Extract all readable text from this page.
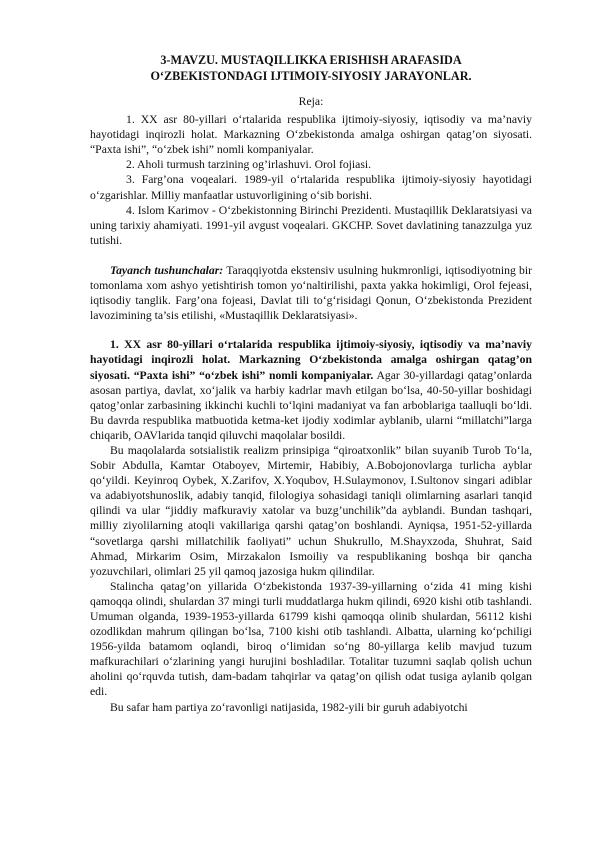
3-MAVZU. MUSTAQILLIKKA ERISHISH ARAFASIDA

O‘ZBEKISTONDAGI IJTIMOIY-SIYOSIY JARAYONLAR.

Reja:

1. XX asr 80-yillari o‘rtalarida respublika ijtimoiy-siyosiy, iqtisodiy va ma’naviy hayotidagi inqirozli holat. Markazning O‘zbekistonda amalga oshirgan qatag’on siyosati. “Paxta ishi”, “o‘zbek ishi” nomli kompaniyalar.

2. Aholi turmush tarzining og’irlashuvi. Orol fojiasi.

3. Farg’ona voqealari. 1989-yil o‘rtalarida respublika ijtimoiy-siyosiy hayotidagi o‘zgarishlar. Milliy manfaatlar ustuvorligining o‘sib borishi.

4. Islom Karimov - O‘zbekistonning Birinchi Prezidenti. Mustaqillik Deklaratsiyasi va uning tarixiy ahamiyati. 1991-yil avgust voqealari. GKCHP. Sovet davlatining tanazzulga yuz tutishi.

Tayanch tushunchalar: Taraqqiyotda ekstensiv usulning hukmronligi, iqtisodiyotning bir tomonlama xom ashyo yetishtirish tomon yo‘naltirilishi, paxta yakka hokimligi, Orol fejeasi, iqtisodiy tanglik. Farg’ona fojeasi, Davlat tili to‘g‘risidagi Qonun, O‘zbekistonda Prezident lavozimining ta’sis etilishi, «Mustaqillik Deklaratsiyasi».

1. XX asr 80-yillari o‘rtalarida respublika ijtimoiy-siyosiy, iqtisodiy va ma’naviy hayotidagi inqirozli holat. Markazning O‘zbekistonda amalga oshirgan qatag’on siyosati. “Paxta ishi” “o‘zbek ishi” nomli kompaniyalar. Agar 30-yillardagi qatag’onlarda asosan partiya, davlat, xo‘jalik va harbiy kadrlar mavh etilgan bo‘lsa, 40-50-yillar boshidagi qatog’onlar zarbasining ikkinchi kuchli to‘lqini madaniyat va fan arboblariga taalluqli bo‘ldi. Bu davrda respublika matbuotida ketma-ket ijodiy xodimlar ayblanib, ularni “millatchi”larga chiqarib, OAVlarida tanqid qiluvchi maqolalar bosildi.

Bu maqolalarda sotsialistik realizm prinsipiga “qiroatxonlik” bilan suyanib Turob To‘la, Sobir Abdulla, Kamtar Otaboyev, Mirtemir, Habibiy, A.Bobojonovlarga turlicha ayblar qo‘yildi. Keyinroq Oybek, X.Zarifov, X.Yoqubov, H.Sulaymonov, I.Sultonov singari adiblar va adabiyotshunoslik, adabiy tanqid, filologiya sohasidagi taniqli olimlarning asarlari tanqid qilindi va ular “jiddiy mafkuraviy xatolar va buzg’unchilik”da ayblandi. Bundan tashqari, milliy ziyolilarning atoqli vakillariga qarshi qatag’on boshlandi. Ayniqsa, 1951-52-yillarda “sovetlarga qarshi millatchilik faoliyati” uchun Shukrullo, M.Shayxzoda, Shuhrat, Said Ahmad, Mirkarim Osim, Mirzakalon Ismoiliy va respublikaning boshqa bir qancha yozuvchilari, olimlari 25 yil qamoq jazosiga hukm qilindilar.

Stalincha qatag’on yillarida O‘zbekistonda 1937-39-yillarning o‘zida 41 ming kishi qamoqqa olindi, shulardan 37 mingi turli muddatlarga hukm qilindi, 6920 kishi otib tashlandi. Umuman olganda, 1939-1953-yillarda 61799 kishi qamoqqa olinib shulardan, 56112 kishi ozodlikdan mahrum qilingan bo‘lsa, 7100 kishi otib tashlandi. Albatta, ularning ko‘pchiligi 1956-yilda batamom oqlandi, biroq o‘limidan so‘ng 80-yillarga kelib mavjud tuzum mafkurachilari o‘zlarining yangi hurujini boshladilar. Totalitar tuzumni saqlab qolish uchun aholini qo‘rquvda tutish, dam-badam tahqirlar va qatag’on qilish odat tusiga aylanib qolgan edi.

Bu safar ham partiya zo‘ravonligi natijasida, 1982-yili bir guruh adabiyotchi
